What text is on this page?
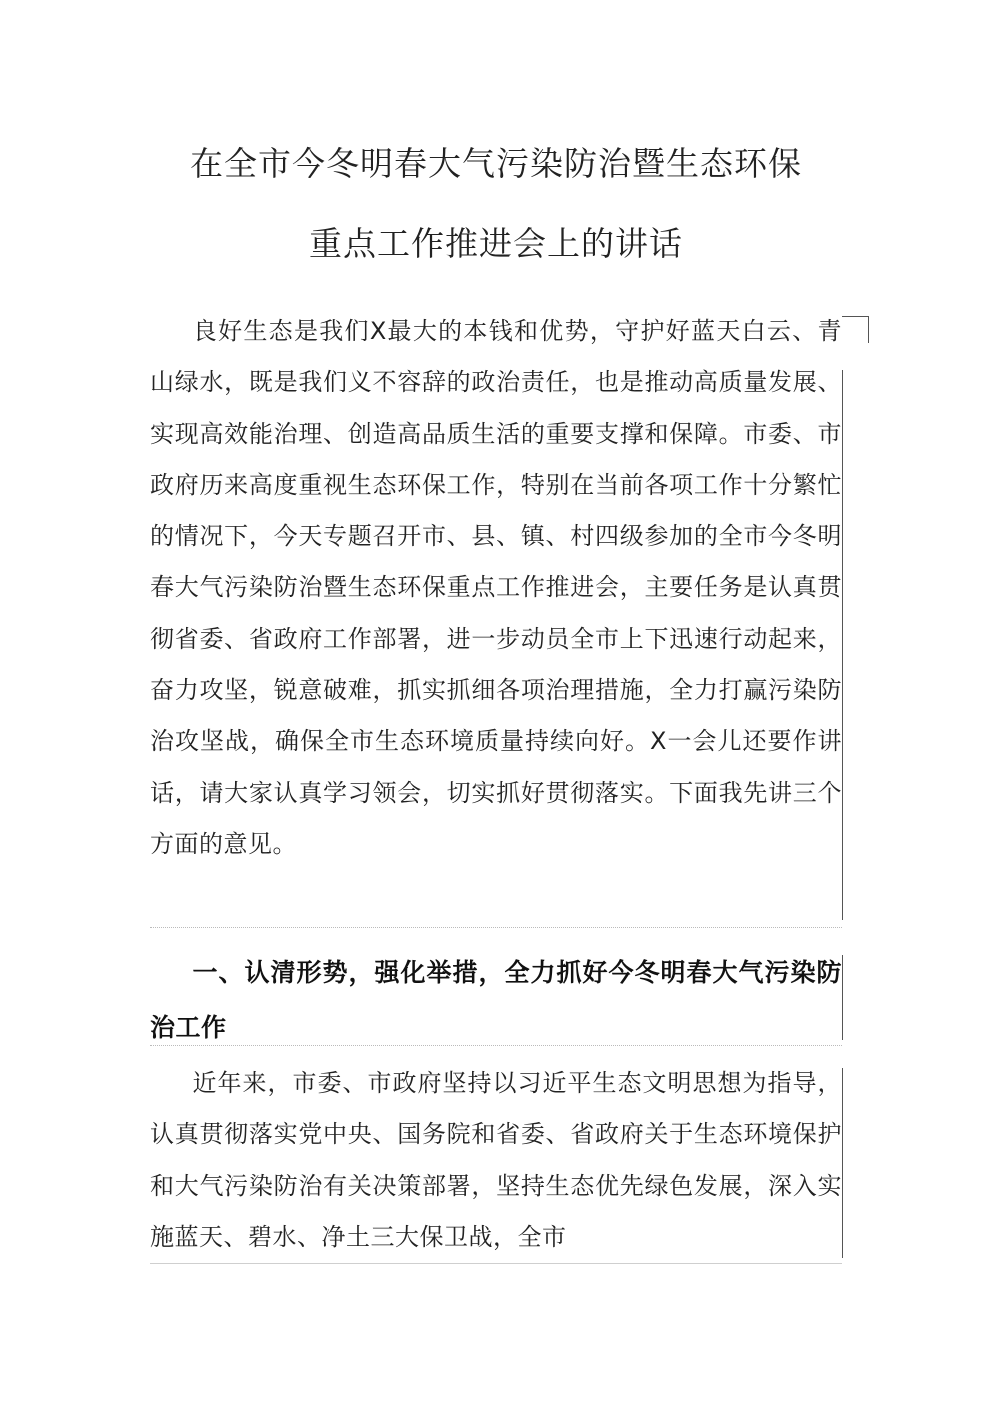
在全市今冬明春大气污染防治暨生态环保
重点工作推进会上的讲话

良好生态是我们X最大的本钱和优势，守护好蓝天白云、青山绿水，既是我们义不容辞的政治责任，也是推动高质量发展、实现高效能治理、创造高品质生活的重要支撑和保障。市委、市政府历来高度重视生态环保工作，特别在当前各项工作十分繁忙的情况下，今天专题召开市、县、镇、村四级参加的全市今冬明春大气污染防治暨生态环保重点工作推进会，主要任务是认真贯彻省委、省政府工作部署，进一步动员全市上下迅速行动起来，奋力攻坚，锐意破难，抓实抓细各项治理措施，全力打赢污染防治攻坚战，确保全市生态环境质量持续向好。X一会儿还要作讲话，请大家认真学习领会，切实抓好贯彻落实。下面我先讲三个方面的意见。

一、认清形势，强化举措，全力抓好今冬明春大气污染防治工作

近年来，市委、市政府坚持以习近平生态文明思想为指导，认真贯彻落实党中央、国务院和省委、省政府关于生态环境保护和大气污染防治有关决策部署，坚持生态优先绿色发展，深入实施蓝天、碧水、净土三大保卫战，全市
